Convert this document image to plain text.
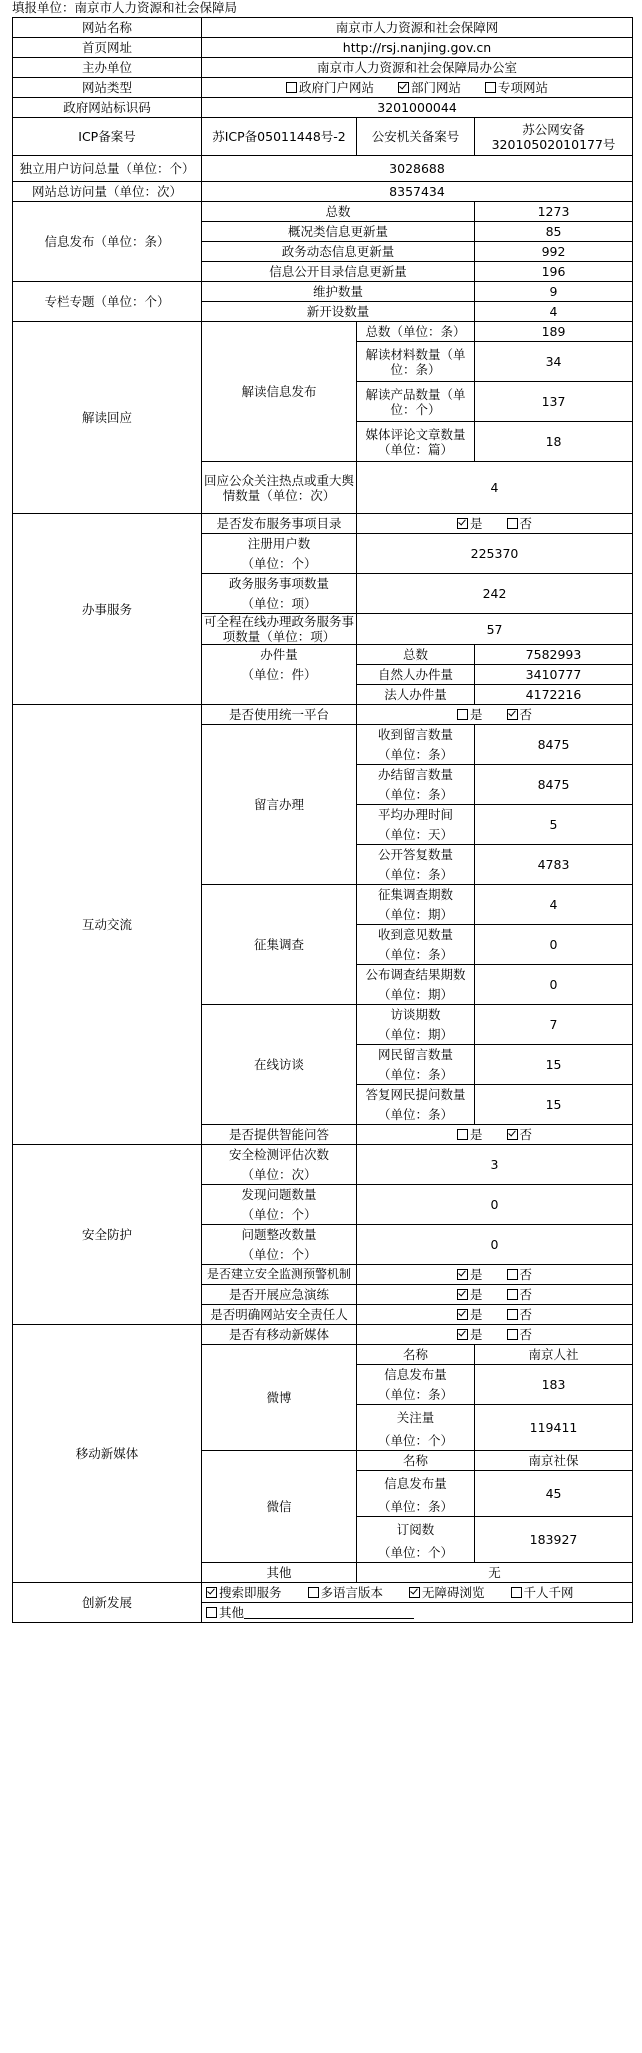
填报单位：南京市人力资源和社会保障局
网站名称	南京市人力资源和社会保障网		
首页网址	http://rsj.nanjing.gov.cn		
主办单位	南京市人力资源和社会保障局办公室		
网站类型	政府门户网站 部门网站 专项网站		
政府网站标识码	3201000044		
ICP备案号	苏ICP备05011448号-2	公安机关备案号	苏公网安备32010502010177号
独立用户访问总量（单位：个）	3028688		
网站总访问量（单位：次）	8357434		
信息发布（单位：条）	总数		1273
	概况类信息更新量		85
	政务动态信息更新量		992
	信息公开目录信息更新量		196
专栏专题（单位：个）	维护数量		9
	新开设数量		4
解读回应	解读信息发布	总数（单位：条）	189
		解读材料数量（单位：条）	34
		解读产品数量（单位：个）	137
		媒体评论文章数量（单位：篇）	18
	回应公众关注热点或重大舆情数量（单位：次）	4	
办事服务	是否发布服务事项目录	是 否	
	注册用户数	225370	
	（单位：个）		
	政务服务事项数量	242	
	（单位：项）		
	可全程在线办理政务服务事项数量（单位：项）	57	
	办件量	总数	7582993
	（单位：件）	自然人办件量	3410777
		法人办件量	4172216
互动交流	是否使用统一平台	是 否	
	留言办理	收到留言数量	8475
		（单位：条）	
		办结留言数量	8475
		（单位：条）	
		平均办理时间	5
		（单位：天）	
		公开答复数量	4783
		（单位：条）	
	征集调查	征集调查期数	4
		（单位：期）	
		收到意见数量	0
		（单位：条）	
		公布调查结果期数	0
		（单位：期）	
	在线访谈	访谈期数	7
		（单位：期）	
		网民留言数量	15
		（单位：条）	
		答复网民提问数量	15
		（单位：条）	
	是否提供智能问答	是 否	
安全防护	安全检测评估次数	3	
	（单位：次）		
	发现问题数量	0	
	（单位：个）		
	问题整改数量	0	
	（单位：个）		
	是否建立安全监测预警机制	是 否	
	是否开展应急演练	是 否	
	是否明确网站安全责任人	是 否	
移动新媒体	是否有移动新媒体	是 否	
	微博	名称	南京人社
		信息发布量	183
		（单位：条）	
		关注量	119411
		（单位：个）	
	微信	名称	南京社保
		信息发布量	45
		（单位：条）	
		订阅数	183927
		（单位：个）	
	其他	无	
创新发展	搜索即服务 多语言版本 无障碍浏览 千人千网		
	其他		
